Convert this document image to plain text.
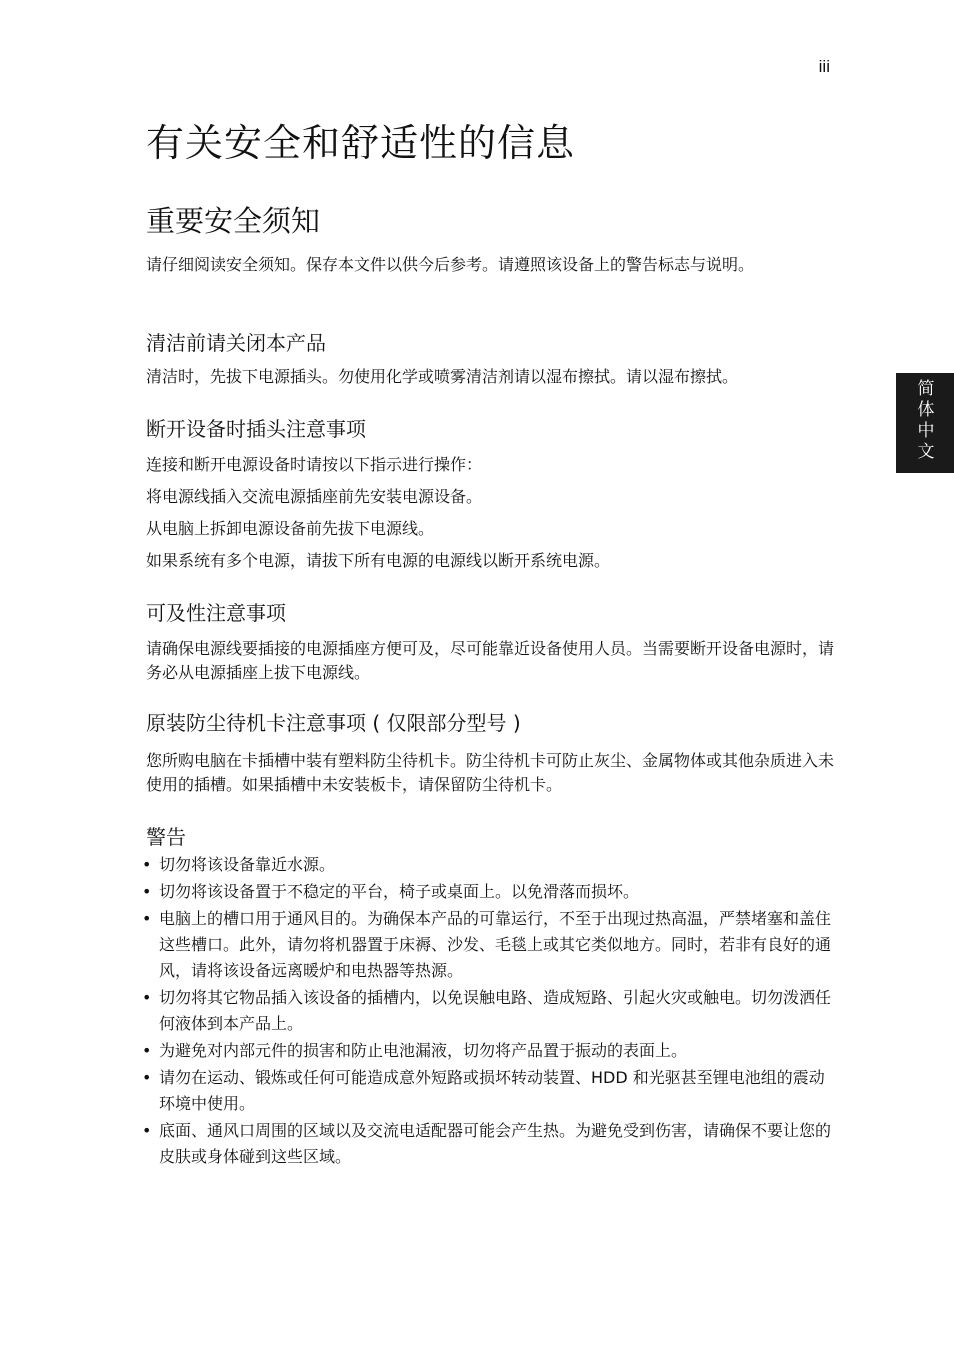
iii
简
体
中
文
有关安全和舒适性的信息
重要安全须知

请仔细阅读安全须知。保存本文件以供今后参考。请遵照该设备上的警告标志与说明。

清洁前请关闭本产品

清洁时，先拔下电源插头。勿使用化学或喷雾清洁剂请以湿布擦拭。请以湿布擦拭。

断开设备时插头注意事项

连接和断开电源设备时请按以下指示进行操作：

将电源线插入交流电源插座前先安装电源设备。

从电脑上拆卸电源设备前先拔下电源线。

如果系统有多个电源，请拔下所有电源的电源线以断开系统电源。

可及性注意事项

请确保电源线要插接的电源插座方便可及，尽可能靠近设备使用人员。当需要断开设备电源时，请务必从电源插座上拔下电源线。

原装防尘待机卡注意事项 ( 仅限部分型号 )

您所购电脑在卡插槽中装有塑料防尘待机卡。防尘待机卡可防止灰尘、金属物体或其他杂质进入未使用的插槽。如果插槽中未安装板卡，请保留防尘待机卡。

警告
• 切勿将该设备靠近水源。
• 切勿将该设备置于不稳定的平台，椅子或桌面上。以免滑落而损坏。
• 电脑上的槽口用于通风目的。为确保本产品的可靠运行，不至于出现过热高温，严禁堵塞和盖住这些槽口。此外，请勿将机器置于床褥、沙发、毛毯上或其它类似地方。同时，若非有良好的通风，请将该设备远离暖炉和电热器等热源。
• 切勿将其它物品插入该设备的插槽内，以免误触电路、造成短路、引起火灾或触电。切勿泼洒任何液体到本产品上。
• 为避免对内部元件的损害和防止电池漏液，切勿将产品置于振动的表面上。
• 请勿在运动、锻炼或任何可能造成意外短路或损坏转动装置、HDD 和光驱甚至锂电池组的震动环境中使用。
• 底面、通风口周围的区域以及交流电适配器可能会产生热。为避免受到伤害，请确保不要让您的皮肤或身体碰到这些区域。
